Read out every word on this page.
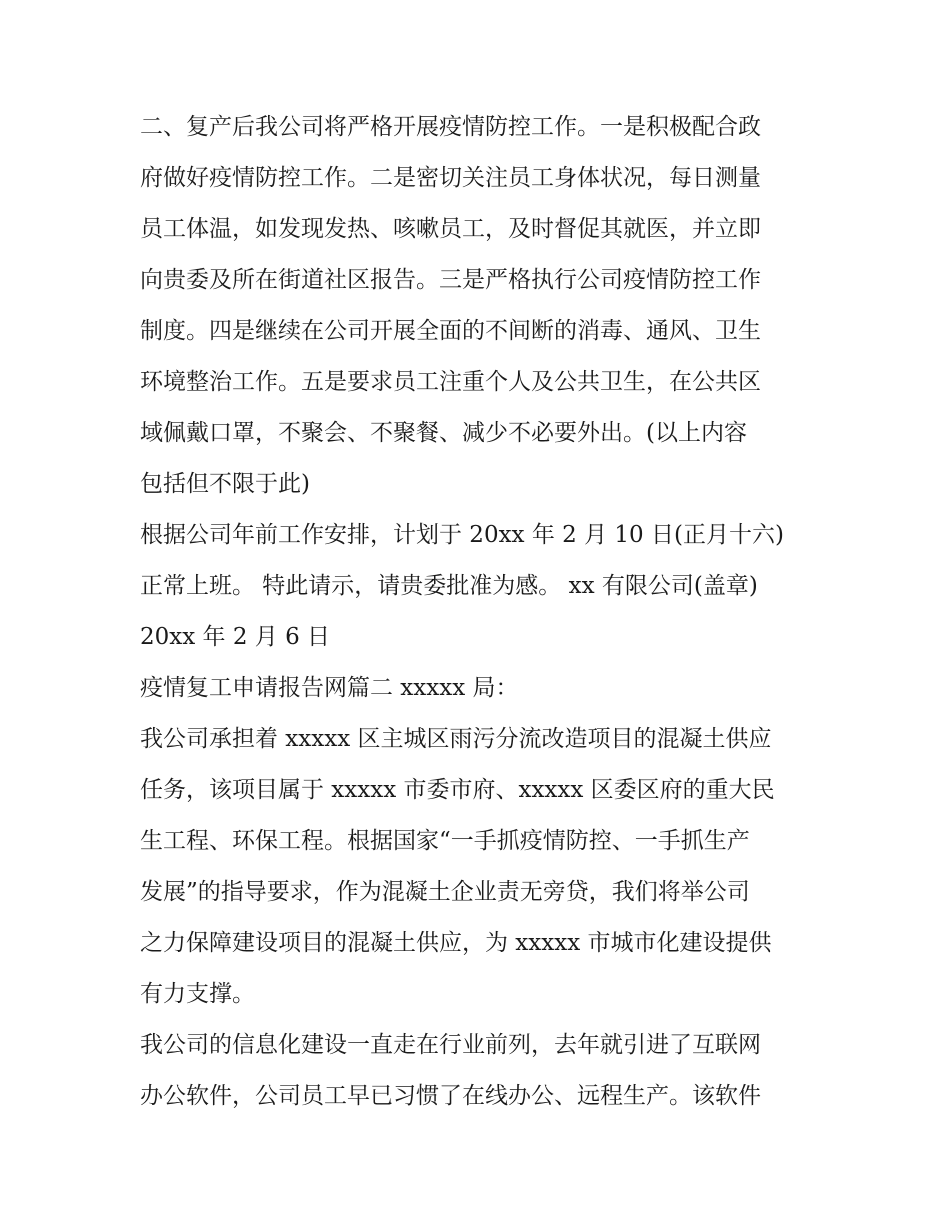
二、复产后我公司将严格开展疫情防控工作。一是积极配合政
府做好疫情防控工作。二是密切关注员工身体状况，每日测量
员工体温，如发现发热、咳嗽员工，及时督促其就医，并立即
向贵委及所在街道社区报告。三是严格执行公司疫情防控工作
制度。四是继续在公司开展全面的不间断的消毒、通风、卫生
环境整治工作。五是要求员工注重个人及公共卫生，在公共区
域佩戴口罩，不聚会、不聚餐、减少不必要外出。(以上内容
包括但不限于此)
根据公司年前工作安排，计划于 20xx 年 2 月 10 日(正月十六)
正常上班。 特此请示，请贵委批准为感。 xx 有限公司(盖章)
20xx 年 2 月 6 日
疫情复工申请报告网篇二 xxxxx 局：
我公司承担着 xxxxx 区主城区雨污分流改造项目的混凝土供应
任务，该项目属于 xxxxx 市委市府、xxxxx 区委区府的重大民
生工程、环保工程。根据国家“一手抓疫情防控、一手抓生产
发展”的指导要求，作为混凝土企业责无旁贷，我们将举公司
之力保障建设项目的混凝土供应，为 xxxxx 市城市化建设提供
有力支撑。
我公司的信息化建设一直走在行业前列，去年就引进了互联网
办公软件，公司员工早已习惯了在线办公、远程生产。该软件
